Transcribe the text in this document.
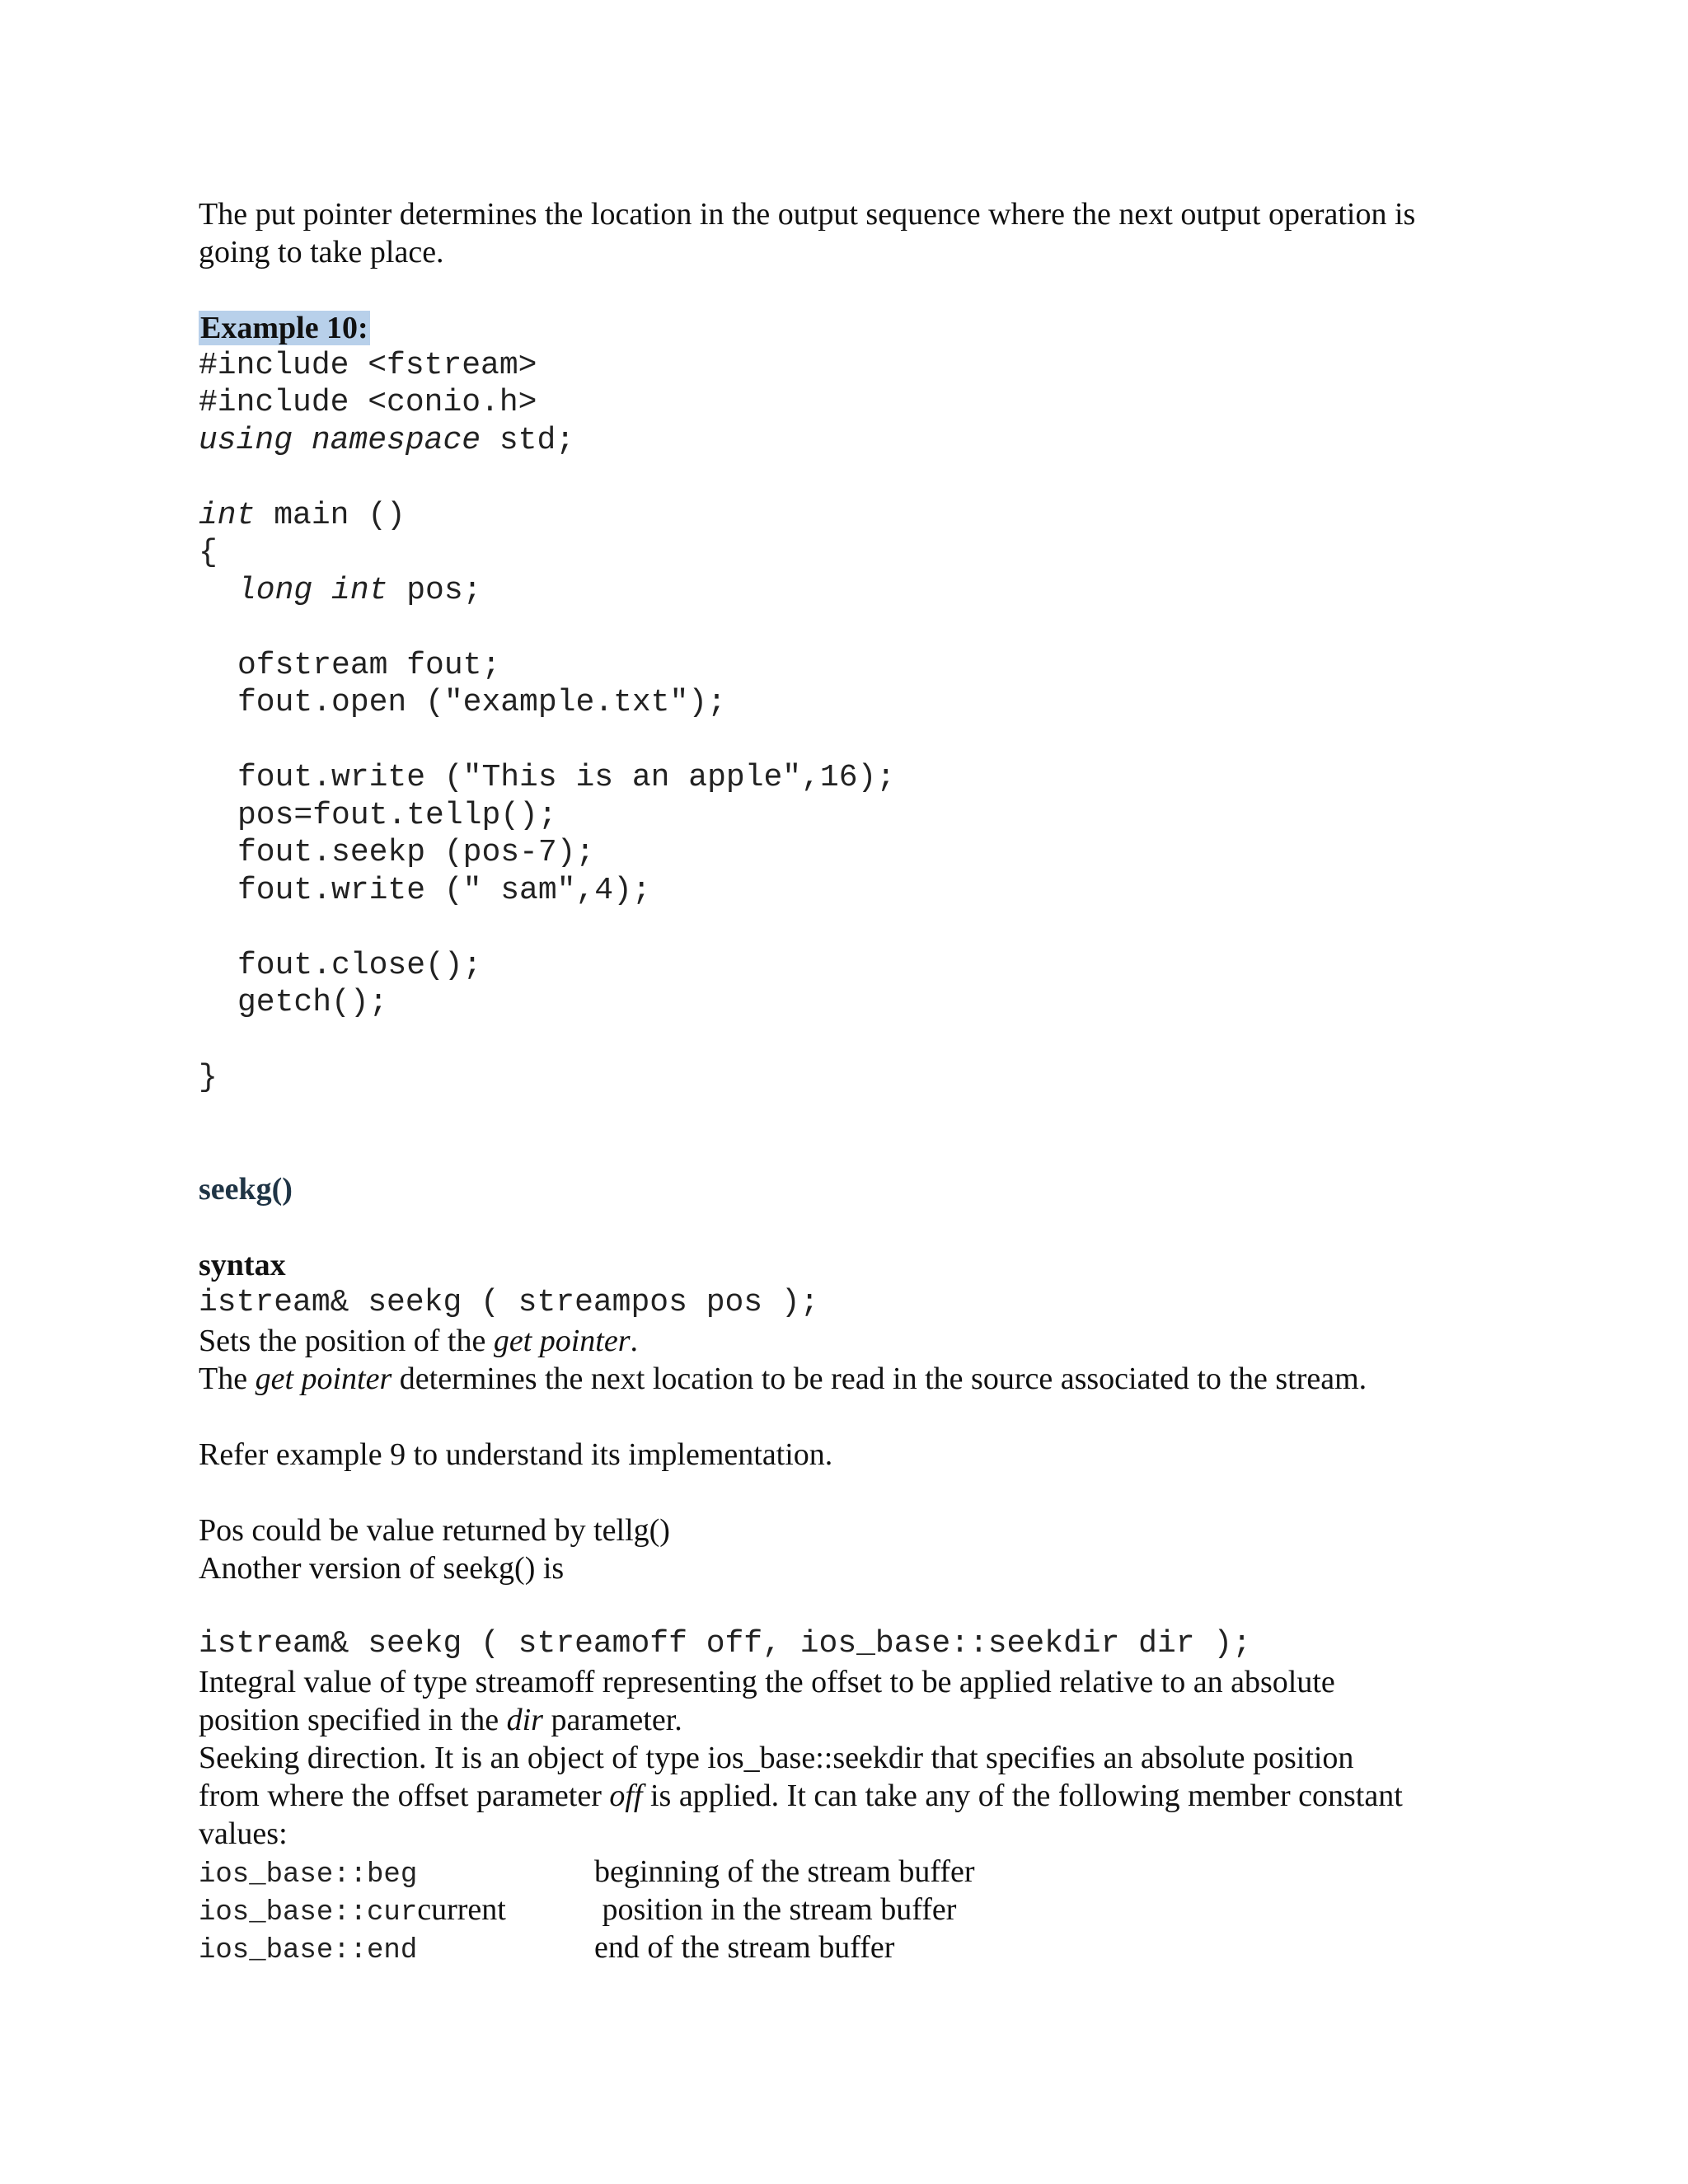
The put pointer determines the location in the output sequence where the next output operation is
going to take place.
Example 10:
#include <fstream>
#include <conio.h>
using namespace std;
int main ()
{
long int pos;
ofstream fout;
fout.open ("example.txt");
fout.write ("This is an apple",16);
pos=fout.tellp();
fout.seekp (pos-7);
fout.write (" sam",4);
fout.close();
getch();
}
seekg()
syntax
istream& seekg ( streampos pos );
Sets the position of the get pointer.
The get pointer determines the next location to be read in the source associated to the stream.
Refer example 9 to understand its implementation.
Pos could be value returned by tellg()
Another version of seekg() is
istream& seekg ( streamoff off, ios_base::seekdir dir );
Integral value of type streamoff representing the offset to be applied relative to an absolute
position specified in the dir parameter.
Seeking direction. It is an object of type ios_base::seekdir that specifies an absolute position
from where the offset parameter off is applied. It can take any of the following member constant
values:
ios_base::beg	beginning of the stream buffer
ios_base::curcurrent	position in the stream buffer
ios_base::end	end of the stream buffer
